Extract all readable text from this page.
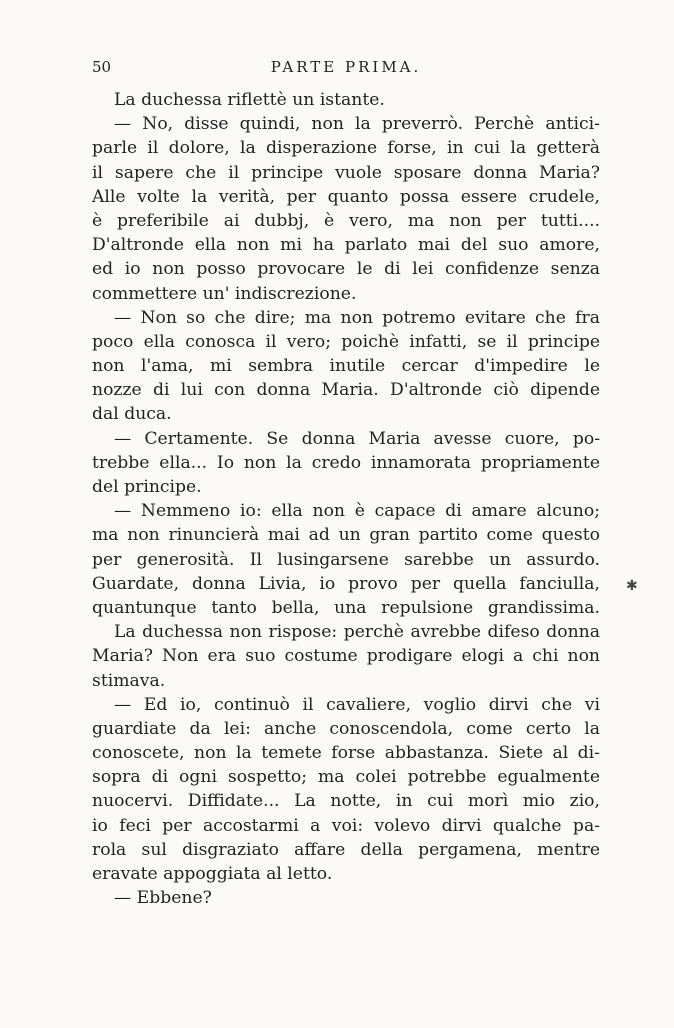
50	PARTE PRIMA.
La duchessa riflettè un istante.
— No, disse quindi, non la preverrò. Perchè antici-
parle il dolore, la disperazione forse, in cui la getterà
il sapere che il principe vuole sposare donna Maria?
Alle volte la verità, per quanto possa essere crudele,
è preferibile ai dubbj, è vero, ma non per tutti....
D'altronde ella non mi ha parlato mai del suo amore,
ed io non posso provocare le di lei confidenze senza
commettere un' indiscrezione.
— Non so che dire; ma non potremo evitare che fra
poco ella conosca il vero; poichè infatti, se il principe
non l'ama, mi sembra inutile cercar d'impedire le
nozze di lui con donna Maria. D'altronde ciò dipende
dal duca.
— Certamente. Se donna Maria avesse cuore, po-
trebbe ella... Io non la credo innamorata propriamente
del principe.
— Nemmeno io: ella non è capace di amare alcuno;
ma non rinuncierà mai ad un gran partito come questo
per generosità. Il lusingarsene sarebbe un assurdo.
Guardate, donna Livia, io provo per quella fanciulla,
quantunque tanto bella, una repulsione grandissima.
La duchessa non rispose: perchè avrebbe difeso donna
Maria? Non era suo costume prodigare elogi a chi non
stimava.
— Ed io, continuò il cavaliere, voglio dirvi che vi
guardiate da lei: anche conoscendola, come certo la
conoscete, non la temete forse abbastanza. Siete al di-
sopra di ogni sospetto; ma colei potrebbe egualmente
nuocervi. Diffidate... La notte, in cui morì mio zio,
io feci per accostarmi a voi: volevo dirvi qualche pa-
rola sul disgraziato affare della pergamena, mentre
eravate appoggiata al letto.
— Ebbene?
✱
